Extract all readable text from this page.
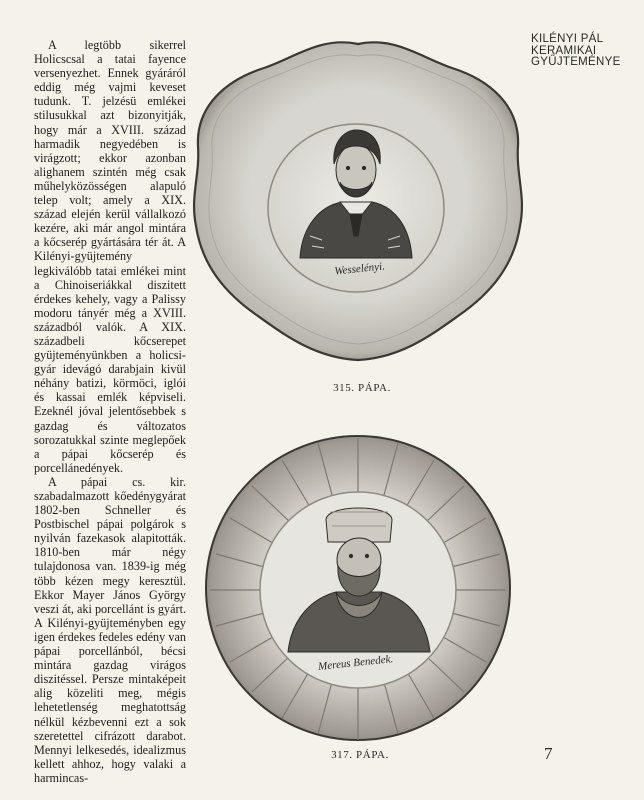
A legtöbb sikerrel Holicscsal a tatai fayence versenyezhet. Ennek gyáráról eddig még vajmi keveset tudunk. T. jelzésü emlékei stilusukkal azt bizonyitják, hogy már a XVIII. század harmadik negyedében is virágzott; ekkor azonban alighanem szintén még csak műhelyközösségen alapuló telep volt; amely a XIX. század elején kerül vállalkozó kezére, aki már angol mintára a kőcserép gyártására tér át. A Kilényi-gyüjtemény legkiválóbb tatai emlékei mint a Chinoiseriákkal diszitett érdekes kehely, vagy a Palissy modoru tányér még a XVIII. századból valók. A XIX. századbeli kőcserepet gyüjteményünkben a holicsi-gyár idevágó darabjain kivül néhány batizi, körmöci, iglói és kassai emlék képviseli. Ezeknél jóval jelentősebbek s gazdag és változatos sorozatukkal szinte meglepőek a pápai kőcserép és porcellánedények.

A pápai cs. kir. szabadalmazott kőedénygyárat 1802-ben Schneller és Postbischel pápai polgárok s nyilván fazekasok alapitották. 1810-ben már négy tulajdonosa van. 1839-ig még több kézen megy keresztül. Ekkor Mayer János György veszi át, aki porcellánt is gyárt. A Kilényi-gyüjteményben egy igen érdekes fedeles edény van pápai porcellánból, bécsi mintára gazdag virágos diszitéssel. Persze mintaképeit alig közeliti meg, mégis lehetetlenség meghatottság nélkül kézbevenni ezt a sok szeretettel cifrázott darabot. Mennyi lelkesedés, idealizmus kellett ahhoz, hogy valaki a harmincas-

KILÉNYI PÁL
KERAMIKAI
GYŰJTEMÉNYE
Wesselényi.
315. PÁPA.
Mereus Benedek.
317. PÁPA.	7
